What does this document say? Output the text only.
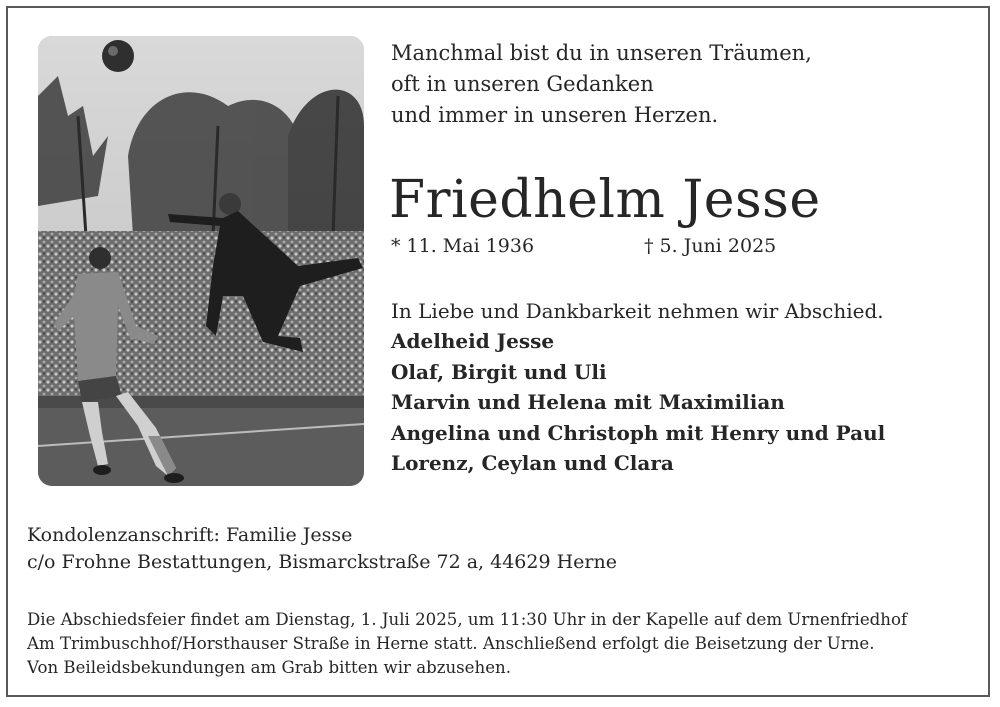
Manchmal bist du in unseren Träumen,
oft in unseren Gedanken
und immer in unseren Herzen.
Friedhelm Jesse
* 11. Mai 1936	† 5. Juni 2025
In Liebe und Dankbarkeit nehmen wir Abschied.
Adelheid Jesse
Olaf, Birgit und Uli
Marvin und Helena mit Maximilian
Angelina und Christoph mit Henry und Paul
Lorenz, Ceylan und Clara
Kondolenzanschrift: Familie Jesse
c/o Frohne Bestattungen, Bismarckstraße 72 a, 44629 Herne
Die Abschiedsfeier findet am Dienstag, 1. Juli 2025, um 11:30 Uhr in der Kapelle auf dem Urnenfriedhof
Am Trimbuschhof/Horsthauser Straße in Herne statt. Anschließend erfolgt die Beisetzung der Urne.
Von Beileidsbekundungen am Grab bitten wir abzusehen.
